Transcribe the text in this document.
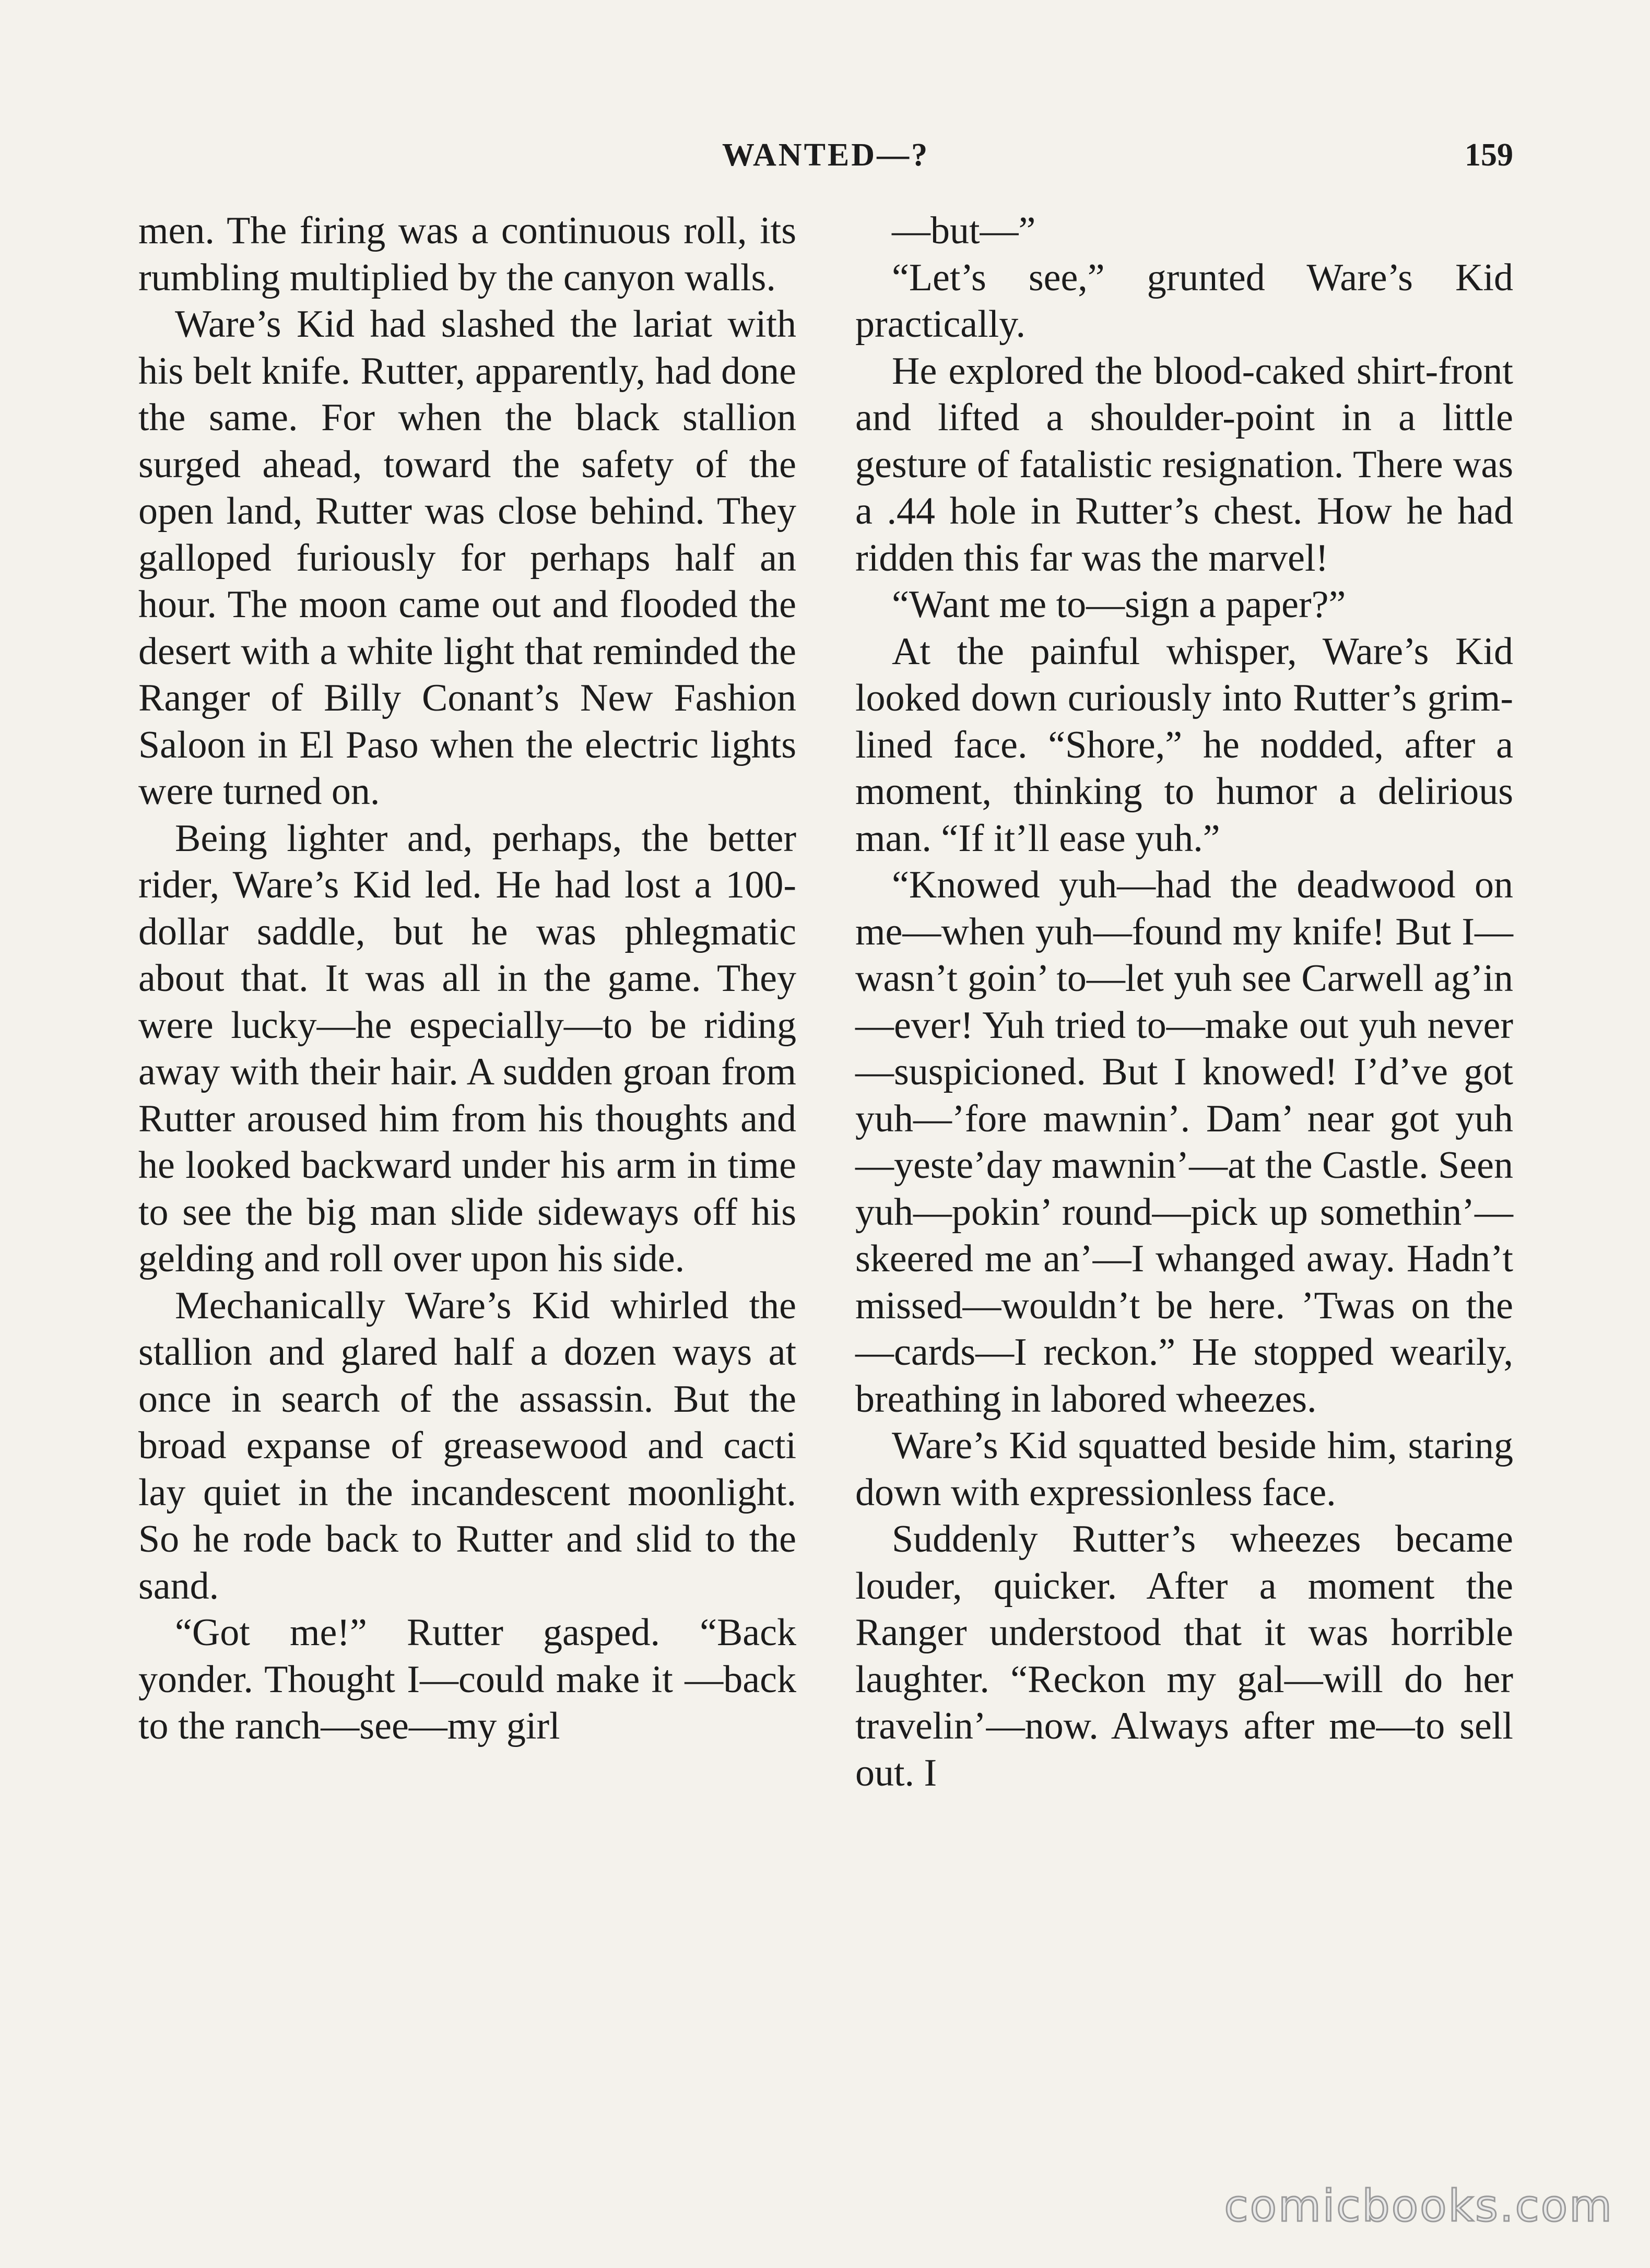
WANTED—?	159

men. The firing was a continuous roll, its rumbling multiplied by the canyon walls.

Ware’s Kid had slashed the lariat with his belt knife. Rutter, apparently, had done the same. For when the black stallion surged ahead, toward the safety of the open land, Rutter was close behind. They galloped furiously for perhaps half an hour. The moon came out and flooded the desert with a white light that reminded the Ranger of Billy Conant’s New Fashion Saloon in El Paso when the electric lights were turned on.

Being lighter and, perhaps, the better rider, Ware’s Kid led. He had lost a 100-dollar saddle, but he was phlegmatic about that. It was all in the game. They were lucky—he especially—to be riding away with their hair. A sudden groan from Rutter aroused him from his thoughts and he looked backward under his arm in time to see the big man slide sideways off his gelding and roll over upon his side.

Mechanically Ware’s Kid whirled the stallion and glared half a dozen ways at once in search of the assassin. But the broad expanse of greasewood and cacti lay quiet in the incandescent moonlight. So he rode back to Rutter and slid to the sand.

“Got me!” Rutter gasped. “Back yonder. Thought I—could make it —back to the ranch—see—my girl

—but—”

“Let’s see,” grunted Ware’s Kid practically.

He explored the blood-caked shirt-front and lifted a shoulder-point in a little gesture of fatalistic resignation. There was a .44 hole in Rutter’s chest. How he had ridden this far was the marvel!

“Want me to—sign a paper?”

At the painful whisper, Ware’s Kid looked down curiously into Rutter’s grim-lined face. “Shore,” he nodded, after a moment, thinking to humor a delirious man. “If it’ll ease yuh.”

“Knowed yuh—had the deadwood on me—when yuh—found my knife! But I—wasn’t goin’ to—let yuh see Carwell ag’in—ever! Yuh tried to—make out yuh never —suspicioned. But I knowed! I’d’ve got yuh—’fore mawnin’. Dam’ near got yuh—yeste’day mawnin’—at the Castle. Seen yuh—pokin’ round—pick up somethin’—skeered me an’—I whanged away. Hadn’t missed—wouldn’t be here. ’Twas on the—cards—I reckon.” He stopped wearily, breathing in labored wheezes.

Ware’s Kid squatted beside him, staring down with expressionless face.

Suddenly Rutter’s wheezes became louder, quicker. After a moment the Ranger understood that it was horrible laughter. “Reckon my gal—will do her travelin’—now. Always after me—to sell out. I

comicbooks.com
